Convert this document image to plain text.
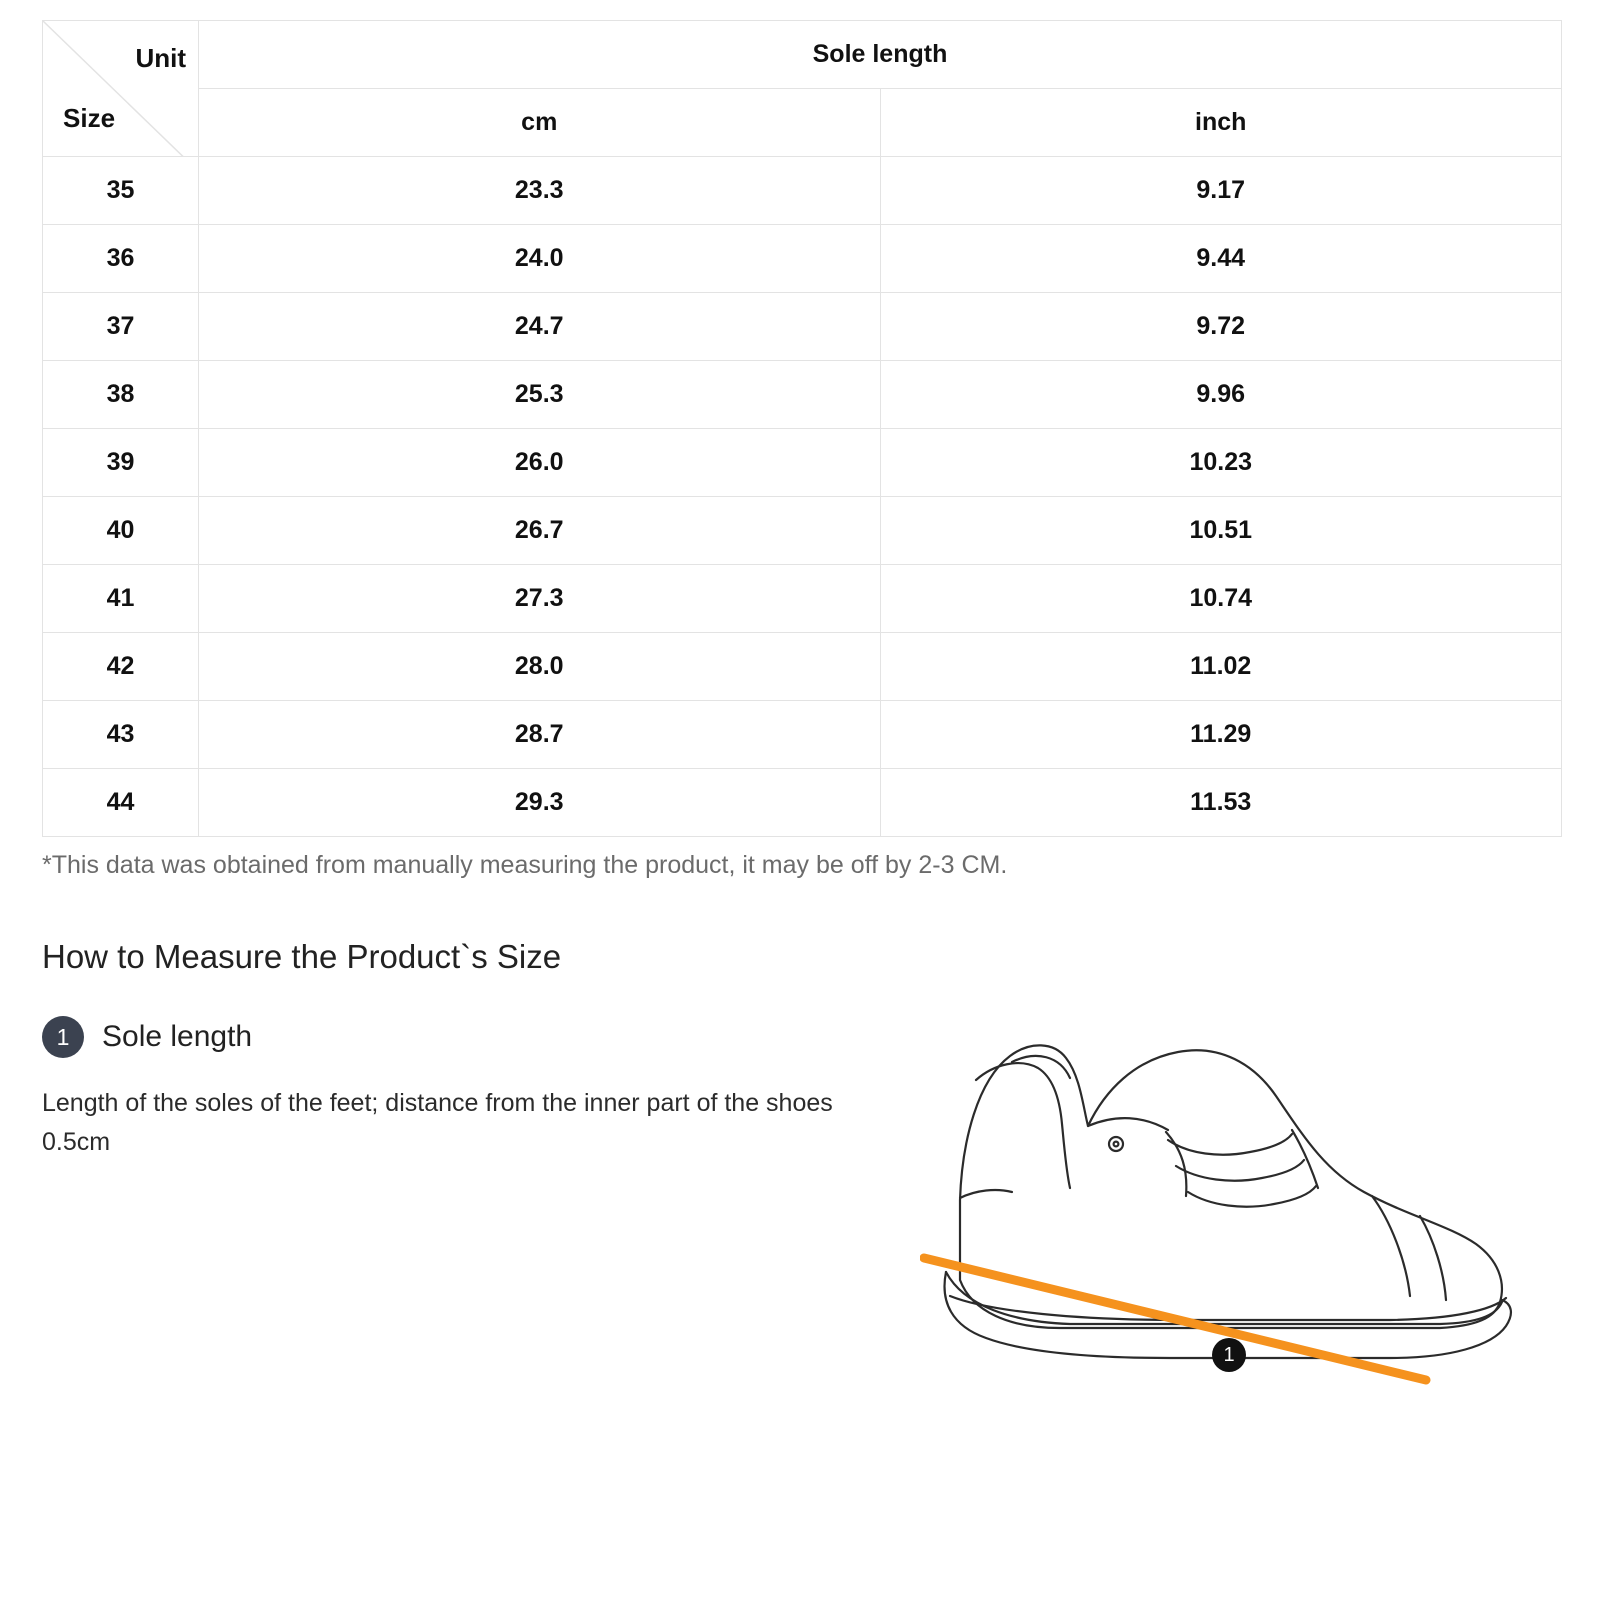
Unit
Size	Sole length	
	cm	inch
35	23.3	9.17
36	24.0	9.44
37	24.7	9.72
38	25.3	9.96
39	26.0	10.23
40	26.7	10.51
41	27.3	10.74
42	28.0	11.02
43	28.7	11.29
44	29.3	11.53
*This data was obtained from manually measuring the product, it may be off by 2-3 CM.
How to Measure the Product`s Size
1	Sole length
Length of the soles of the feet; distance from the inner part of the shoes 0.5cm
1
